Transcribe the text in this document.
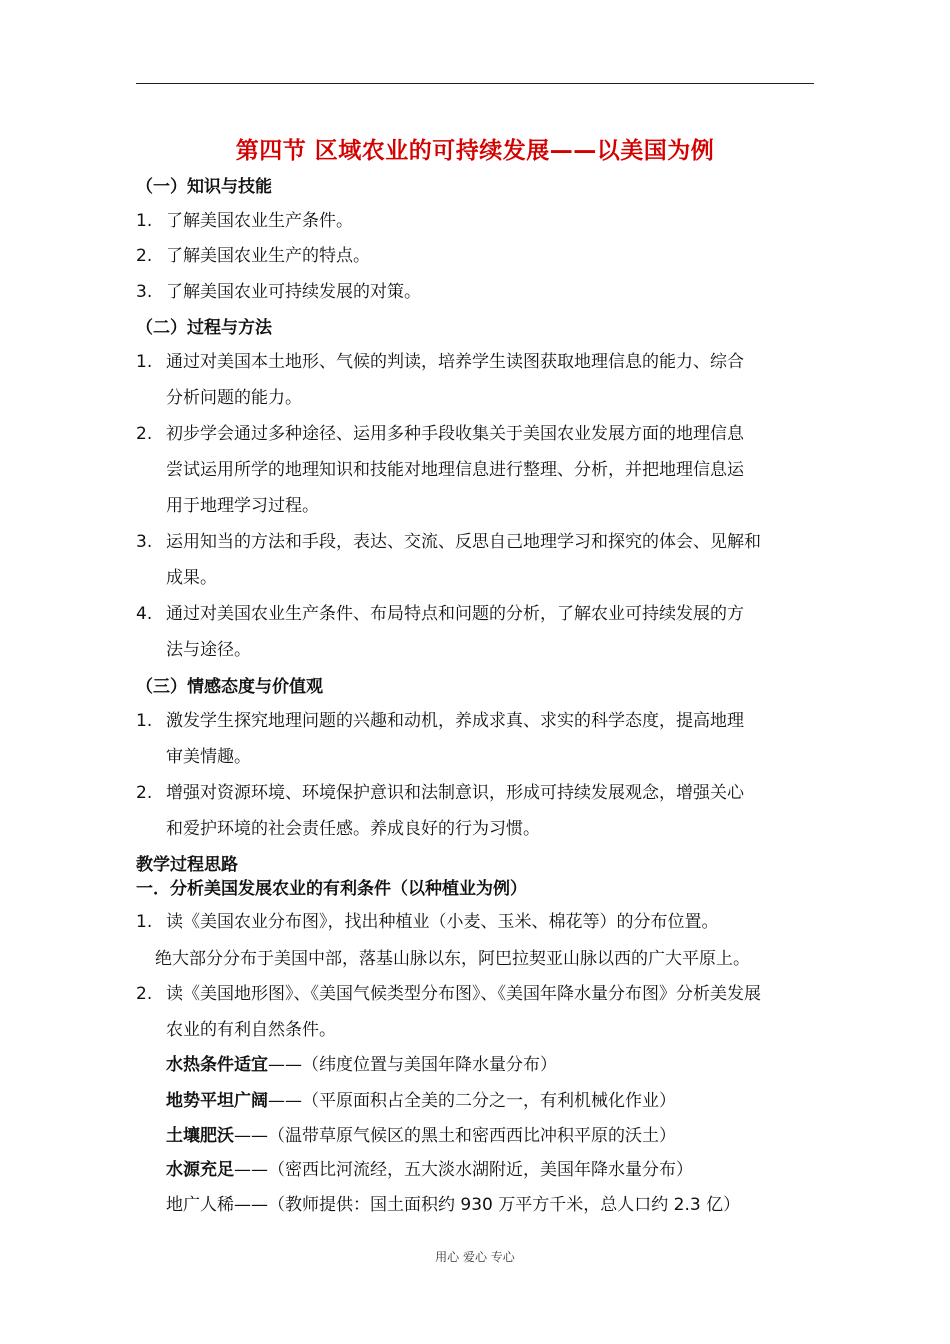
第四节 区域农业的可持续发展——以美国为例
（一）知识与技能
1. 了解美国农业生产条件。
2. 了解美国农业生产的特点。
3. 了解美国农业可持续发展的对策。
（二）过程与方法
1. 通过对美国本土地形、气候的判读，培养学生读图获取地理信息的能力、综合
分析问题的能力。
2. 初步学会通过多种途径、运用多种手段收集关于美国农业发展方面的地理信息
尝试运用所学的地理知识和技能对地理信息进行整理、分析，并把地理信息运
用于地理学习过程。
3. 运用知当的方法和手段，表达、交流、反思自己地理学习和探究的体会、见解和
成果。
4. 通过对美国农业生产条件、布局特点和问题的分析，了解农业可持续发展的方
法与途径。
（三）情感态度与价值观
1. 激发学生探究地理问题的兴趣和动机，养成求真、求实的科学态度，提高地理
审美情趣。
2. 增强对资源环境、环境保护意识和法制意识，形成可持续发展观念，增强关心
和爱护环境的社会责任感。养成良好的行为习惯。
教学过程思路
一．分析美国发展农业的有利条件（以种植业为例）
1. 读《美国农业分布图》，找出种植业（小麦、玉米、棉花等）的分布位置。
绝大部分分布于美国中部，落基山脉以东，阿巴拉契亚山脉以西的广大平原上。
2. 读《美国地形图》、《美国气候类型分布图》、《美国年降水量分布图》分析美发展
农业的有利自然条件。
水热条件适宜——（纬度位置与美国年降水量分布）
地势平坦广阔——（平原面积占全美的二分之一，有利机械化作业）
土壤肥沃——（温带草原气候区的黑土和密西西比冲积平原的沃土）
水源充足——（密西比河流经，五大淡水湖附近，美国年降水量分布）
地广人稀——（教师提供：国土面积约 930 万平方千米，总人口约 2.3 亿）
用心 爱心 专心
